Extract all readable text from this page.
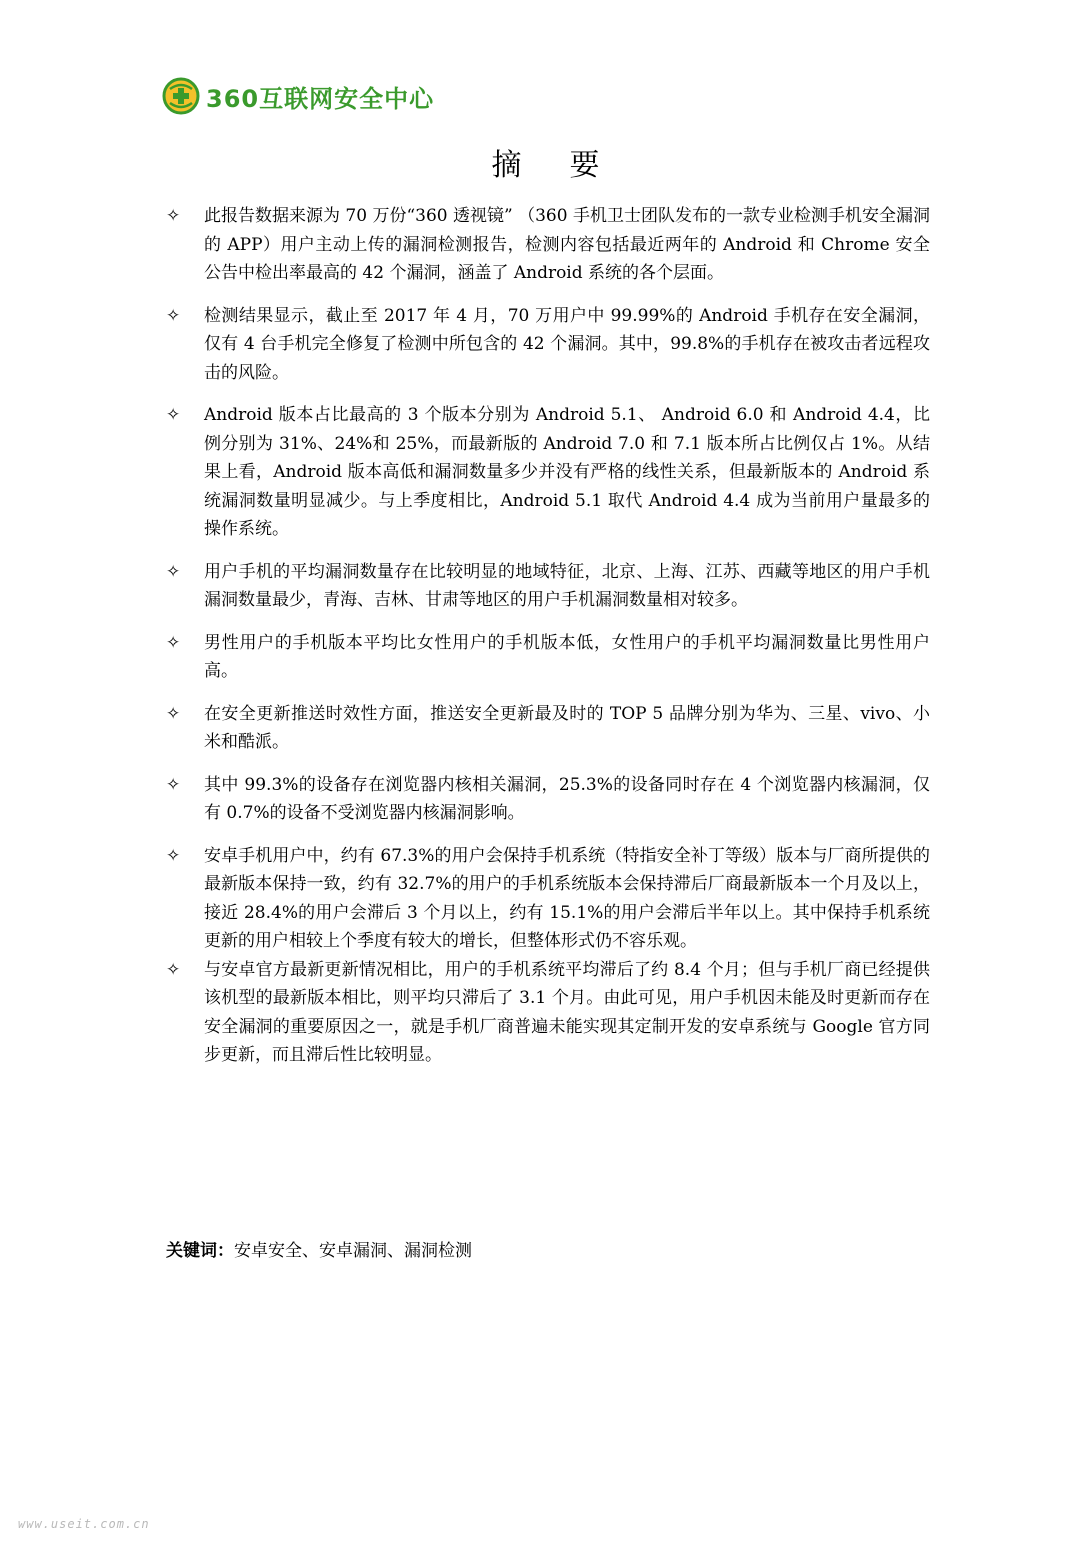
360互联网安全中心
摘要
✧	此报告数据来源为 70 万份“360 透视镜” （360 手机卫士团队发布的一款专业检测手机安全漏洞的 APP）用户主动上传的漏洞检测报告，检测内容包括最近两年的 Android 和 Chrome 安全公告中检出率最高的 42 个漏洞，涵盖了 Android 系统的各个层面。
✧	检测结果显示，截止至 2017 年 4 月，70 万用户中 99.99%的 Android 手机存在安全漏洞，仅有 4 台手机完全修复了检测中所包含的 42 个漏洞。其中，99.8%的手机存在被攻击者远程攻击的风险。
✧	Android 版本占比最高的 3 个版本分别为 Android 5.1、 Android 6.0 和 Android 4.4，比例分别为 31%、24%和 25%，而最新版的 Android 7.0 和 7.1 版本所占比例仅占 1%。从结果上看，Android 版本高低和漏洞数量多少并没有严格的线性关系，但最新版本的 Android 系统漏洞数量明显减少。与上季度相比，Android 5.1 取代 Android 4.4 成为当前用户量最多的操作系统。
✧	用户手机的平均漏洞数量存在比较明显的地域特征，北京、上海、江苏、西藏等地区的用户手机漏洞数量最少，青海、吉林、甘肃等地区的用户手机漏洞数量相对较多。
✧	男性用户的手机版本平均比女性用户的手机版本低，女性用户的手机平均漏洞数量比男性用户高。
✧	在安全更新推送时效性方面，推送安全更新最及时的 TOP 5 品牌分别为华为、三星、vivo、小米和酷派。
✧	其中 99.3%的设备存在浏览器内核相关漏洞，25.3%的设备同时存在 4 个浏览器内核漏洞，仅有 0.7%的设备不受浏览器内核漏洞影响。
✧	安卓手机用户中，约有 67.3%的用户会保持手机系统（特指安全补丁等级）版本与厂商所提供的最新版本保持一致，约有 32.7%的用户的手机系统版本会保持滞后厂商最新版本一个月及以上，接近 28.4%的用户会滞后 3 个月以上，约有 15.1%的用户会滞后半年以上。其中保持手机系统更新的用户相较上个季度有较大的增长，但整体形式仍不容乐观。
✧	与安卓官方最新更新情况相比，用户的手机系统平均滞后了约 8.4 个月；但与手机厂商已经提供该机型的最新版本相比，则平均只滞后了 3.1 个月。由此可见，用户手机因未能及时更新而存在安全漏洞的重要原因之一，就是手机厂商普遍未能实现其定制开发的安卓系统与 Google 官方同步更新，而且滞后性比较明显。
关键词：安卓安全、安卓漏洞、漏洞检测
www.useit.com.cn
